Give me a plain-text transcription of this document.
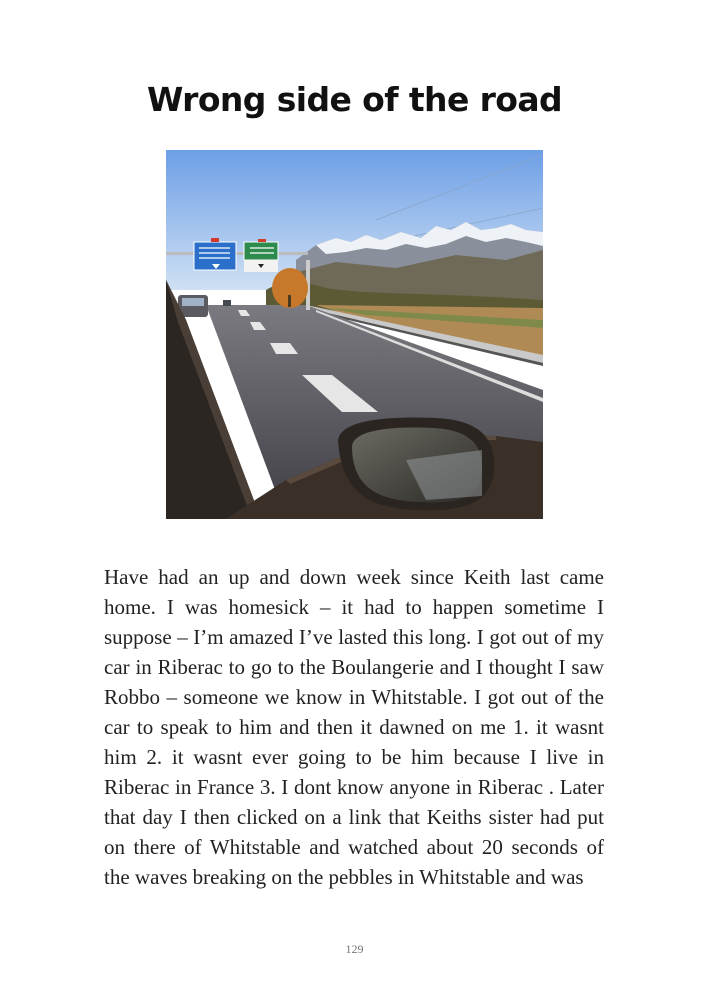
Wrong side of the road

Have had an up and down week since Keith last came home. I was homesick – it had to happen sometime I suppose – I’m amazed I’ve lasted this long. I got out of my car in Riberac to go to the Boulangerie and I thought I saw Robbo – someone we know in Whitstable. I got out of the car to speak to him and then it dawned on me 1. it wasnt him 2. it wasnt ever going to be him because I live in Riberac in France 3. I dont know anyone in Riberac . Later that day I then clicked on a link that Keiths sister had put on there of Whitstable and watched about 20 seconds of the waves breaking on the pebbles in Whitstable and was

129
